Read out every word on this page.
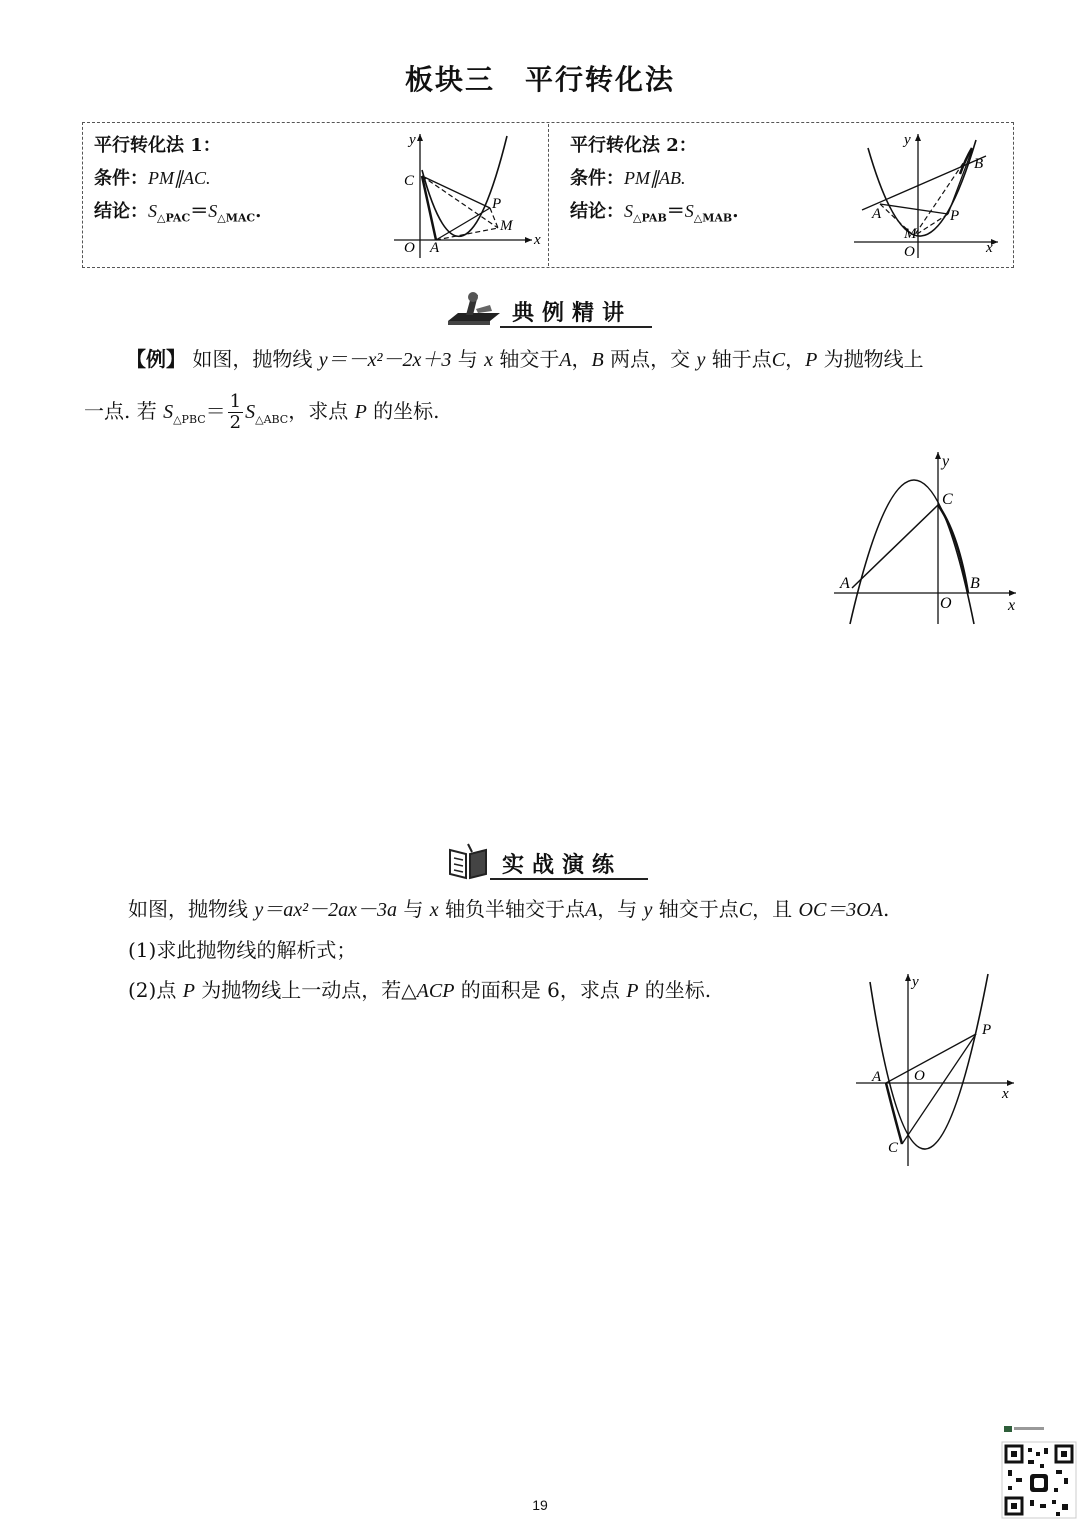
板块三　平行转化法
平行转化法 1：
条件：PM∥AC.
结论：$S_{\triangle PAC}=S_{\triangle MAC}$.
y
x
C
O A
P
M
平行转化法 2：
条件：PM∥AB.
结论：$S_{\triangle PAB}=S_{\triangle MAB}$.
y
x
B
A	P
M
O
典例精讲
【例】 如图，抛物线 y＝－x²－2x＋3 与 x 轴交于A，B 两点，交 y 轴于点C，P 为抛物线上
一点. 若 $S_{\triangle PBC}= \frac{1}{2} S_{\triangle ABC}$，求点 P 的坐标.
y
x
C
A	B
O
实战演练
如图，抛物线 y＝ax²－2ax－3a 与 x 轴负半轴交于点A，与 y 轴交于点C，且 OC＝3OA.
(1)求此抛物线的解析式；
(2)点 P 为抛物线上一动点，若△ACP 的面积是 6，求点 P 的坐标.	y
x
P
A O
C
19
